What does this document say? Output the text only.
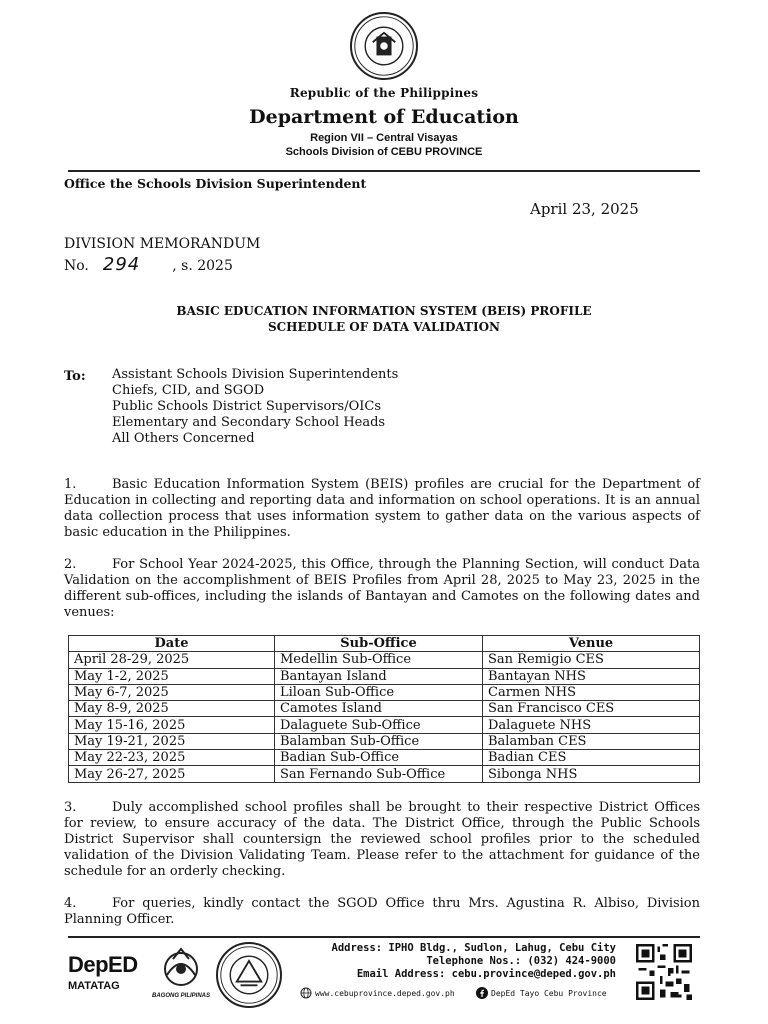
Republic of the Philippines
Department of Education
Region VII – Central Visayas
Schools Division of CEBU PROVINCE
Office the Schools Division Superintendent
April 23, 2025
DIVISION MEMORANDUM
No. 294 , s. 2025
BASIC EDUCATION INFORMATION SYSTEM (BEIS) PROFILE
SCHEDULE OF DATA VALIDATION
To: Assistant Schools Division Superintendents
Chiefs, CID, and SGOD
Public Schools District Supervisors/OICs
Elementary and Secondary School Heads
All Others Concerned
1.	Basic Education Information System (BEIS) profiles are crucial for the Department of Education in collecting and reporting data and information on school operations. It is an annual data collection process that uses information system to gather data on the various aspects of basic education in the Philippines.
2.	For School Year 2024-2025, this Office, through the Planning Section, will conduct Data Validation on the accomplishment of BEIS Profiles from April 28, 2025 to May 23, 2025 in the different sub-offices, including the islands of Bantayan and Camotes on the following dates and venues:
Date	Sub-Office	Venue
April 28-29, 2025	Medellin Sub-Office	San Remigio CES
May 1-2, 2025	Bantayan Island	Bantayan NHS
May 6-7, 2025	Liloan Sub-Office	Carmen NHS
May 8-9, 2025	Camotes Island	San Francisco CES
May 15-16, 2025	Dalaguete Sub-Office	Dalaguete NHS
May 19-21, 2025	Balamban Sub-Office	Balamban CES
May 22-23, 2025	Badian Sub-Office	Badian CES
May 26-27, 2025	San Fernando Sub-Office	Sibonga NHS
3.	Duly accomplished school profiles shall be brought to their respective District Offices for review, to ensure accuracy of the data. The District Office, through the Public Schools District Supervisor shall countersign the reviewed school profiles prior to the scheduled validation of the Division Validating Team. Please refer to the attachment for guidance of the schedule for an orderly checking.
4.	For queries, kindly contact the SGOD Office thru Mrs. Agustina R. Albiso, Division Planning Officer.
DepED
MATATAG
BAGONG PILIPINAS
Address: IPHO Bldg., Sudlon, Lahug, Cebu City
Telephone Nos.: (032) 424-9000
Email Address: cebu.province@deped.gov.ph
www.cebuprovince.deped.gov.ph	DepEd Tayo Cebu Province
